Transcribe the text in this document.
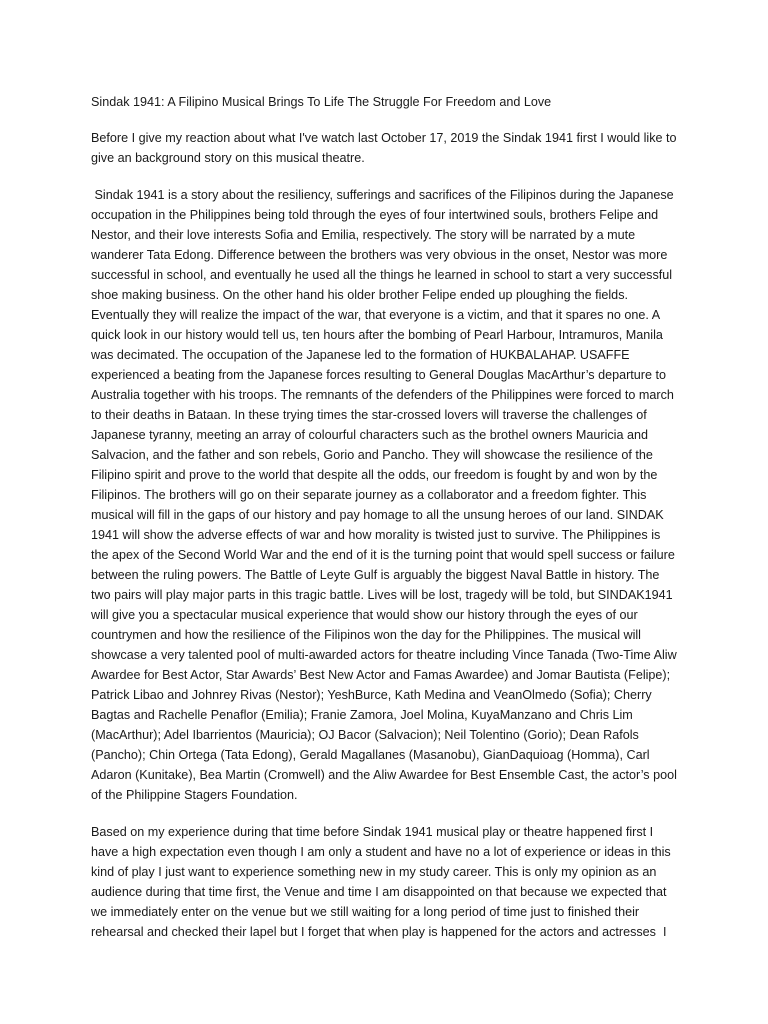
Sindak 1941: A Filipino Musical Brings To Life The Struggle For Freedom and Love

Before I give my reaction about what I've watch last October 17, 2019 the Sindak 1941 first I would like to give an background story on this musical theatre.

Sindak 1941 is a story about the resiliency, sufferings and sacrifices of the Filipinos during the Japanese occupation in the Philippines being told through the eyes of four intertwined souls, brothers Felipe and Nestor, and their love interests Sofia and Emilia, respectively. The story will be narrated by a mute wanderer Tata Edong. Difference between the brothers was very obvious in the onset, Nestor was more successful in school, and eventually he used all the things he learned in school to start a very successful shoe making business. On the other hand his older brother Felipe ended up ploughing the fields. Eventually they will realize the impact of the war, that everyone is a victim, and that it spares no one. A quick look in our history would tell us, ten hours after the bombing of Pearl Harbour, Intramuros, Manila was decimated. The occupation of the Japanese led to the formation of HUKBALAHAP. USAFFE experienced a beating from the Japanese forces resulting to General Douglas MacArthur’s departure to Australia together with his troops. The remnants of the defenders of the Philippines were forced to march to their deaths in Bataan. In these trying times the star-crossed lovers will traverse the challenges of Japanese tyranny, meeting an array of colourful characters such as the brothel owners Mauricia and Salvacion, and the father and son rebels, Gorio and Pancho. They will showcase the resilience of the Filipino spirit and prove to the world that despite all the odds, our freedom is fought by and won by the Filipinos. The brothers will go on their separate journey as a collaborator and a freedom fighter. This musical will fill in the gaps of our history and pay homage to all the unsung heroes of our land. SINDAK 1941 will show the adverse effects of war and how morality is twisted just to survive. The Philippines is the apex of the Second World War and the end of it is the turning point that would spell success or failure between the ruling powers. The Battle of Leyte Gulf is arguably the biggest Naval Battle in history. The two pairs will play major parts in this tragic battle. Lives will be lost, tragedy will be told, but SINDAK1941 will give you a spectacular musical experience that would show our history through the eyes of our countrymen and how the resilience of the Filipinos won the day for the Philippines. The musical will showcase a very talented pool of multi-awarded actors for theatre including Vince Tanada (Two-Time Aliw Awardee for Best Actor, Star Awards’ Best New Actor and Famas Awardee) and Jomar Bautista (Felipe); Patrick Libao and Johnrey Rivas (Nestor); YeshBurce, Kath Medina and VeanOlmedo (Sofia); Cherry Bagtas and Rachelle Penaflor (Emilia); Franie Zamora, Joel Molina, KuyaManzano and Chris Lim (MacArthur); Adel Ibarrientos (Mauricia); OJ Bacor (Salvacion); Neil Tolentino (Gorio); Dean Rafols (Pancho); Chin Ortega (Tata Edong), Gerald Magallanes (Masanobu), GianDaquioag (Homma), Carl Adaron (Kunitake), Bea Martin (Cromwell) and the Aliw Awardee for Best Ensemble Cast, the actor’s pool of the Philippine Stagers Foundation.

Based on my experience during that time before Sindak 1941 musical play or theatre happened first I have a high expectation even though I am only a student and have no a lot of experience or ideas in this kind of play I just want to experience something new in my study career. This is only my opinion as an audience during that time first, the Venue and time I am disappointed on that because we expected that we immediately enter on the venue but we still waiting for a long period of time just to finished their rehearsal and checked their lapel but I forget that when play is happened for the actors and actresses  I
